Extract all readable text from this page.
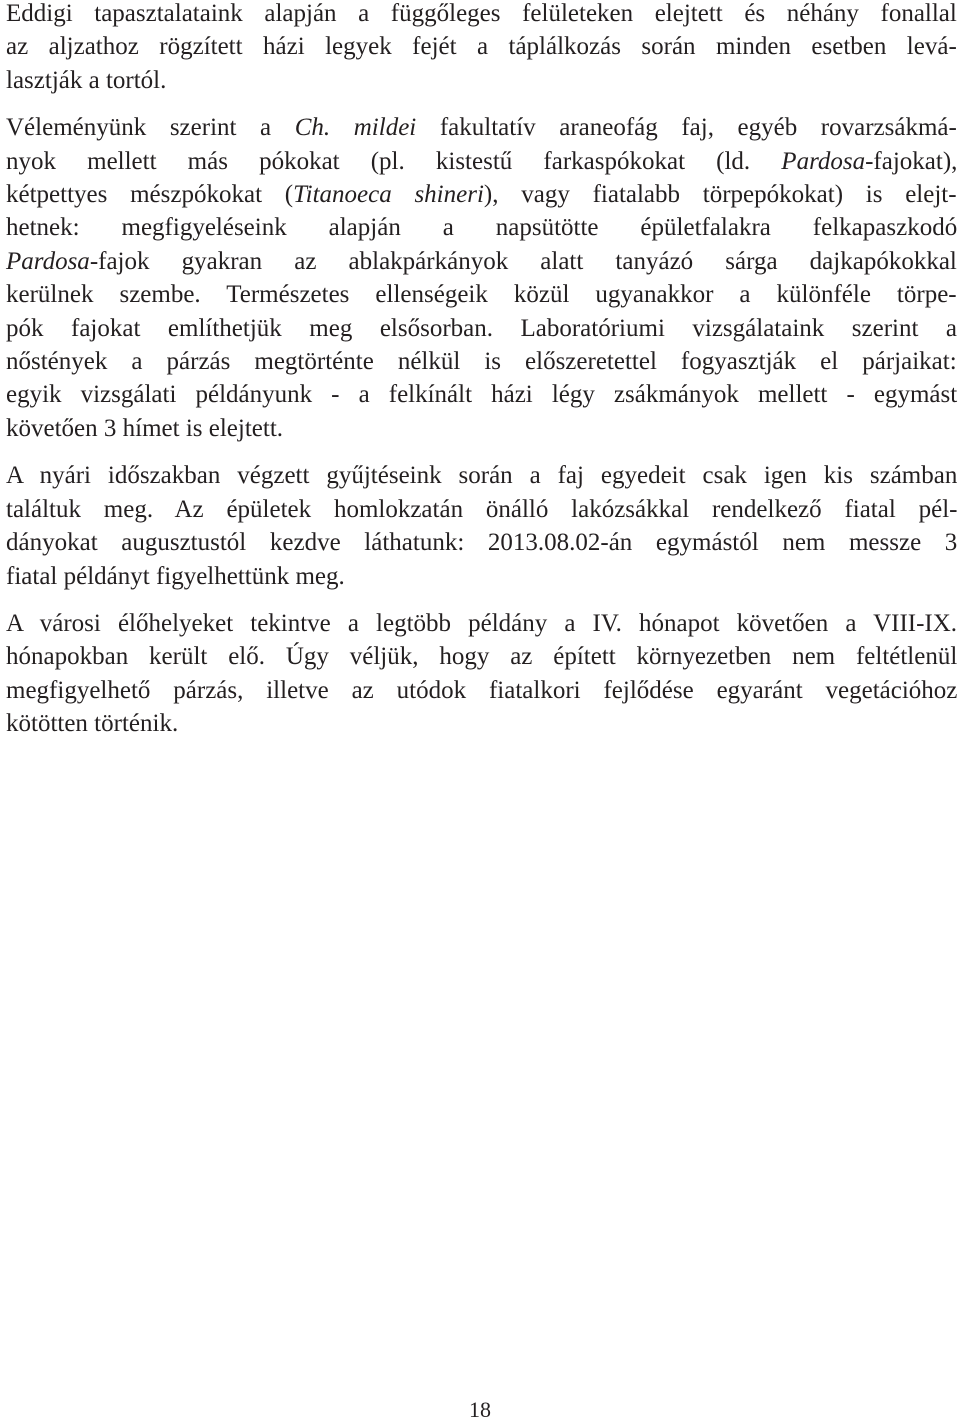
Eddigi tapasztalataink alapján a függőleges felületeken elejtett és néhány fonallal
az aljzathoz rögzített házi legyek fejét a táplálkozás során minden esetben levá-
lasztják a tortól.
Véleményünk szerint a Ch. mildei fakultatív araneofág faj, egyéb rovarzsákmá-
nyok mellett más pókokat (pl. kistestű farkaspókokat (ld. Pardosa-fajokat),
kétpettyes mészpókokat (Titanoeca shineri), vagy fiatalabb törpepókokat) is elejt-
hetnek: megfigyeléseink alapján a napsütötte épületfalakra felkapaszkodó
Pardosa-fajok gyakran az ablakpárkányok alatt tanyázó sárga dajkapókokkal
kerülnek szembe. Természetes ellenségeik közül ugyanakkor a különféle törpe-
pók fajokat említhetjük meg elsősorban. Laboratóriumi vizsgálataink szerint a
nőstények a párzás megtörténte nélkül is előszeretettel fogyasztják el párjaikat:
egyik vizsgálati példányunk - a felkínált házi légy zsákmányok mellett - egymást
követően 3 hímet is elejtett.
A nyári időszakban végzett gyűjtéseink során a faj egyedeit csak igen kis számban
találtuk meg. Az épületek homlokzatán önálló lakózsákkal rendelkező fiatal pél-
dányokat augusztustól kezdve láthatunk: 2013.08.02-án egymástól nem messze 3
fiatal példányt figyelhettünk meg.
A városi élőhelyeket tekintve a legtöbb példány a IV. hónapot követően a VIII-IX.
hónapokban került elő. Úgy véljük, hogy az épített környezetben nem feltétlenül
megfigyelhető párzás, illetve az utódok fiatalkori fejlődése egyaránt vegetációhoz
kötötten történik.
18
